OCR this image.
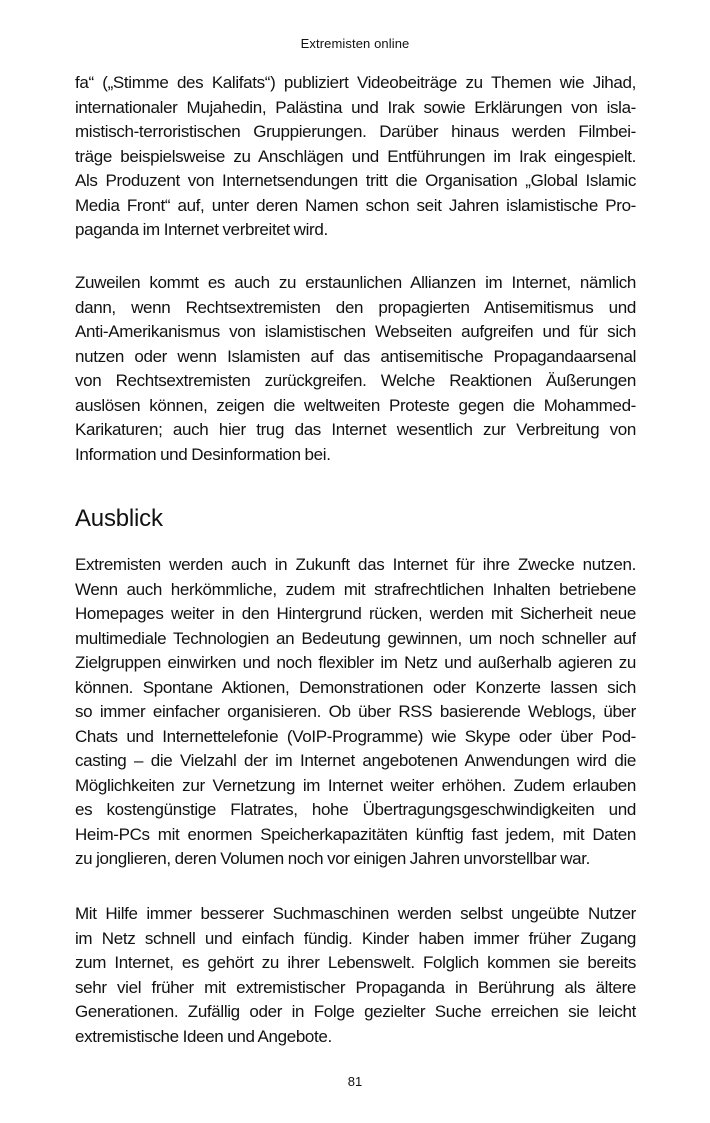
Extremisten online
fa“ („Stimme des Kalifats“) publiziert Videobeiträge zu Themen wie Jihad,
internationaler Mujahedin, Palästina und Irak sowie Erklärungen von isla-
mistisch-terroristischen Gruppierungen. Darüber hinaus werden Filmbei-
träge beispielsweise zu Anschlägen und Entführungen im Irak eingespielt.
Als Produzent von Internetsendungen tritt die Organisation „Global Islamic
Media Front“ auf, unter deren Namen schon seit Jahren islamistische Pro-
paganda im Internet verbreitet wird.
Zuweilen kommt es auch zu erstaunlichen Allianzen im Internet, nämlich
dann, wenn Rechtsextremisten den propagierten Antisemitismus und
Anti-Amerikanismus von islamistischen Webseiten aufgreifen und für sich
nutzen oder wenn Islamisten auf das antisemitische Propagandaarsenal
von Rechtsextremisten zurückgreifen. Welche Reaktionen Äußerungen
auslösen können, zeigen die weltweiten Proteste gegen die Mohammed-
Karikaturen; auch hier trug das Internet wesentlich zur Verbreitung von
Information und Desinformation bei.
Ausblick
Extremisten werden auch in Zukunft das Internet für ihre Zwecke nutzen.
Wenn auch herkömmliche, zudem mit strafrechtlichen Inhalten betriebene
Homepages weiter in den Hintergrund rücken, werden mit Sicherheit neue
multimediale Technologien an Bedeutung gewinnen, um noch schneller auf
Zielgruppen einwirken und noch flexibler im Netz und außerhalb agieren zu
können. Spontane Aktionen, Demonstrationen oder Konzerte lassen sich
so immer einfacher organisieren. Ob über RSS basierende Weblogs, über
Chats und Internettelefonie (VoIP-Programme) wie Skype oder über Pod-
casting – die Vielzahl der im Internet angebotenen Anwendungen wird die
Möglichkeiten zur Vernetzung im Internet weiter erhöhen. Zudem erlauben
es kostengünstige Flatrates, hohe Übertragungsgeschwindigkeiten und
Heim-PCs mit enormen Speicherkapazitäten künftig fast jedem, mit Daten
zu jonglieren, deren Volumen noch vor einigen Jahren unvorstellbar war.
Mit Hilfe immer besserer Suchmaschinen werden selbst ungeübte Nutzer
im Netz schnell und einfach fündig. Kinder haben immer früher Zugang
zum Internet, es gehört zu ihrer Lebenswelt. Folglich kommen sie bereits
sehr viel früher mit extremistischer Propaganda in Berührung als ältere
Generationen. Zufällig oder in Folge gezielter Suche erreichen sie leicht
extremistische Ideen und Angebote.
81
